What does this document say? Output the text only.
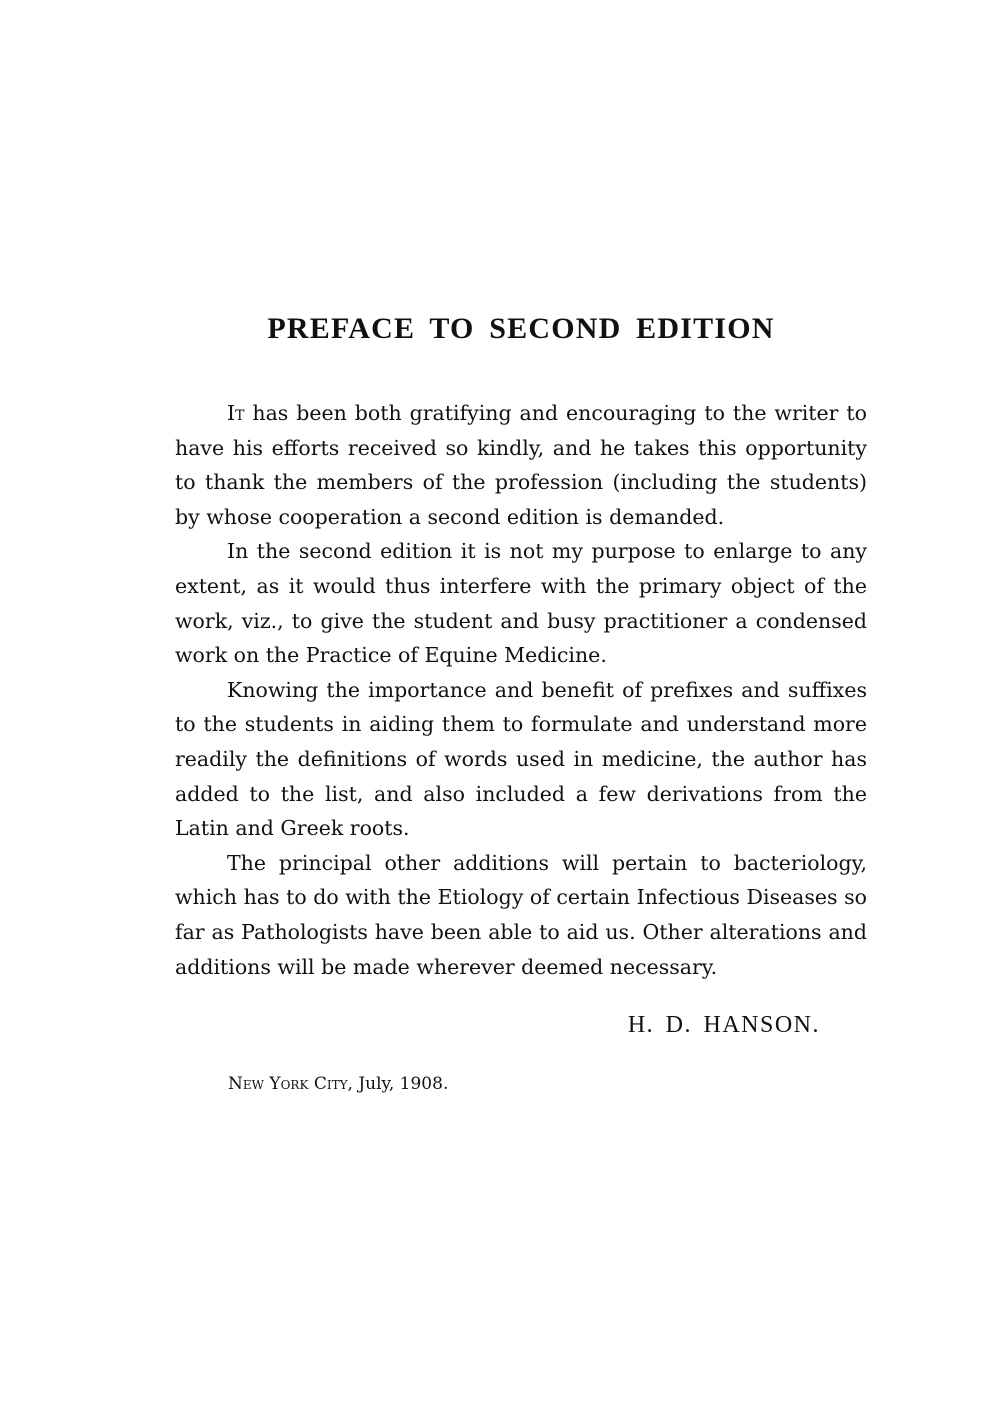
PREFACE TO SECOND EDITION

It has been both gratifying and encouraging to the writer to have his efforts received so kindly, and he takes this opportunity to thank the members of the profession (including the students) by whose cooperation a second edition is demanded.

In the second edition it is not my purpose to enlarge to any extent, as it would thus interfere with the primary object of the work, viz., to give the student and busy practitioner a condensed work on the Practice of Equine Medicine.

Knowing the importance and benefit of prefixes and suffixes to the students in aiding them to formulate and understand more readily the definitions of words used in medicine, the author has added to the list, and also included a few derivations from the Latin and Greek roots.

The principal other additions will pertain to bacteriology, which has to do with the Etiology of certain Infectious Diseases so far as Pathologists have been able to aid us. Other alterations and additions will be made wherever deemed necessary.

H. D. HANSON.

New York City, July, 1908.
